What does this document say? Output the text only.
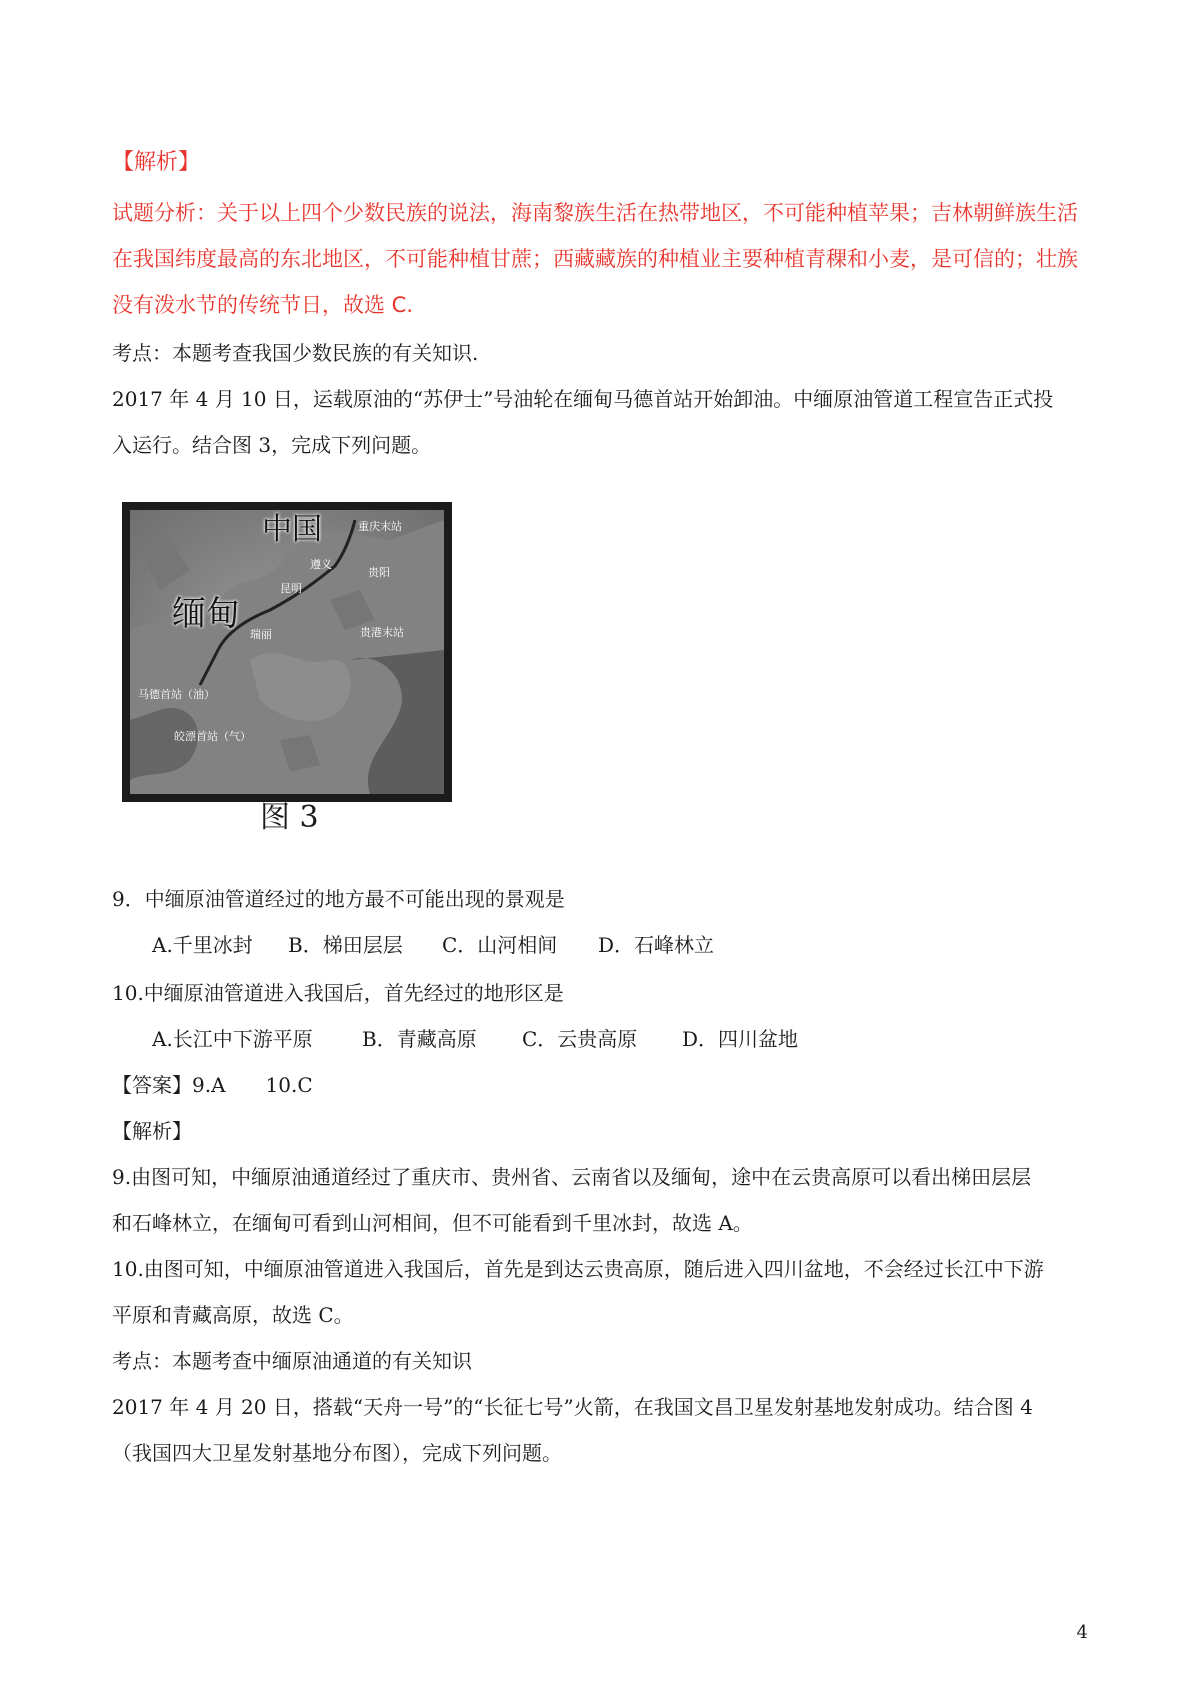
【解析】
试题分析：关于以上四个少数民族的说法，海南黎族生活在热带地区，不可能种植苹果；吉林朝鲜族生活
在我国纬度最高的东北地区，不可能种植甘蔗；西藏藏族的种植业主要种植青稞和小麦，是可信的；壮族
没有泼水节的传统节日，故选 C.
考点：本题考查我国少数民族的有关知识.
2017 年 4 月 10 日，运载原油的“苏伊士”号油轮在缅甸马德首站开始卸油。中缅原油管道工程宣告正式投
入运行。结合图 3，完成下列问题。
中国
缅甸
重庆末站
遵义
贵阳
昆明
瑞丽	贵港末站
马德首站（油）
皎漂首站（气）
图 3
9．中缅原油管道经过的地方最不可能出现的景观是
A.千里冰封 B．梯田层层 C．山河相间 D．石峰林立
10.中缅原油管道进入我国后，首先经过的地形区是
A.长江中下游平原 B．青藏高原 C．云贵高原 D．四川盆地
【答案】9.A　　10.C
【解析】
9.由图可知，中缅原油通道经过了重庆市、贵州省、云南省以及缅甸，途中在云贵高原可以看出梯田层层
和石峰林立，在缅甸可看到山河相间，但不可能看到千里冰封，故选 A。
10.由图可知，中缅原油管道进入我国后，首先是到达云贵高原，随后进入四川盆地，不会经过长江中下游
平原和青藏高原，故选 C。
考点：本题考查中缅原油通道的有关知识
2017 年 4 月 20 日，搭载“天舟一号”的“长征七号”火箭，在我国文昌卫星发射基地发射成功。结合图 4
（我国四大卫星发射基地分布图），完成下列问题。
4
